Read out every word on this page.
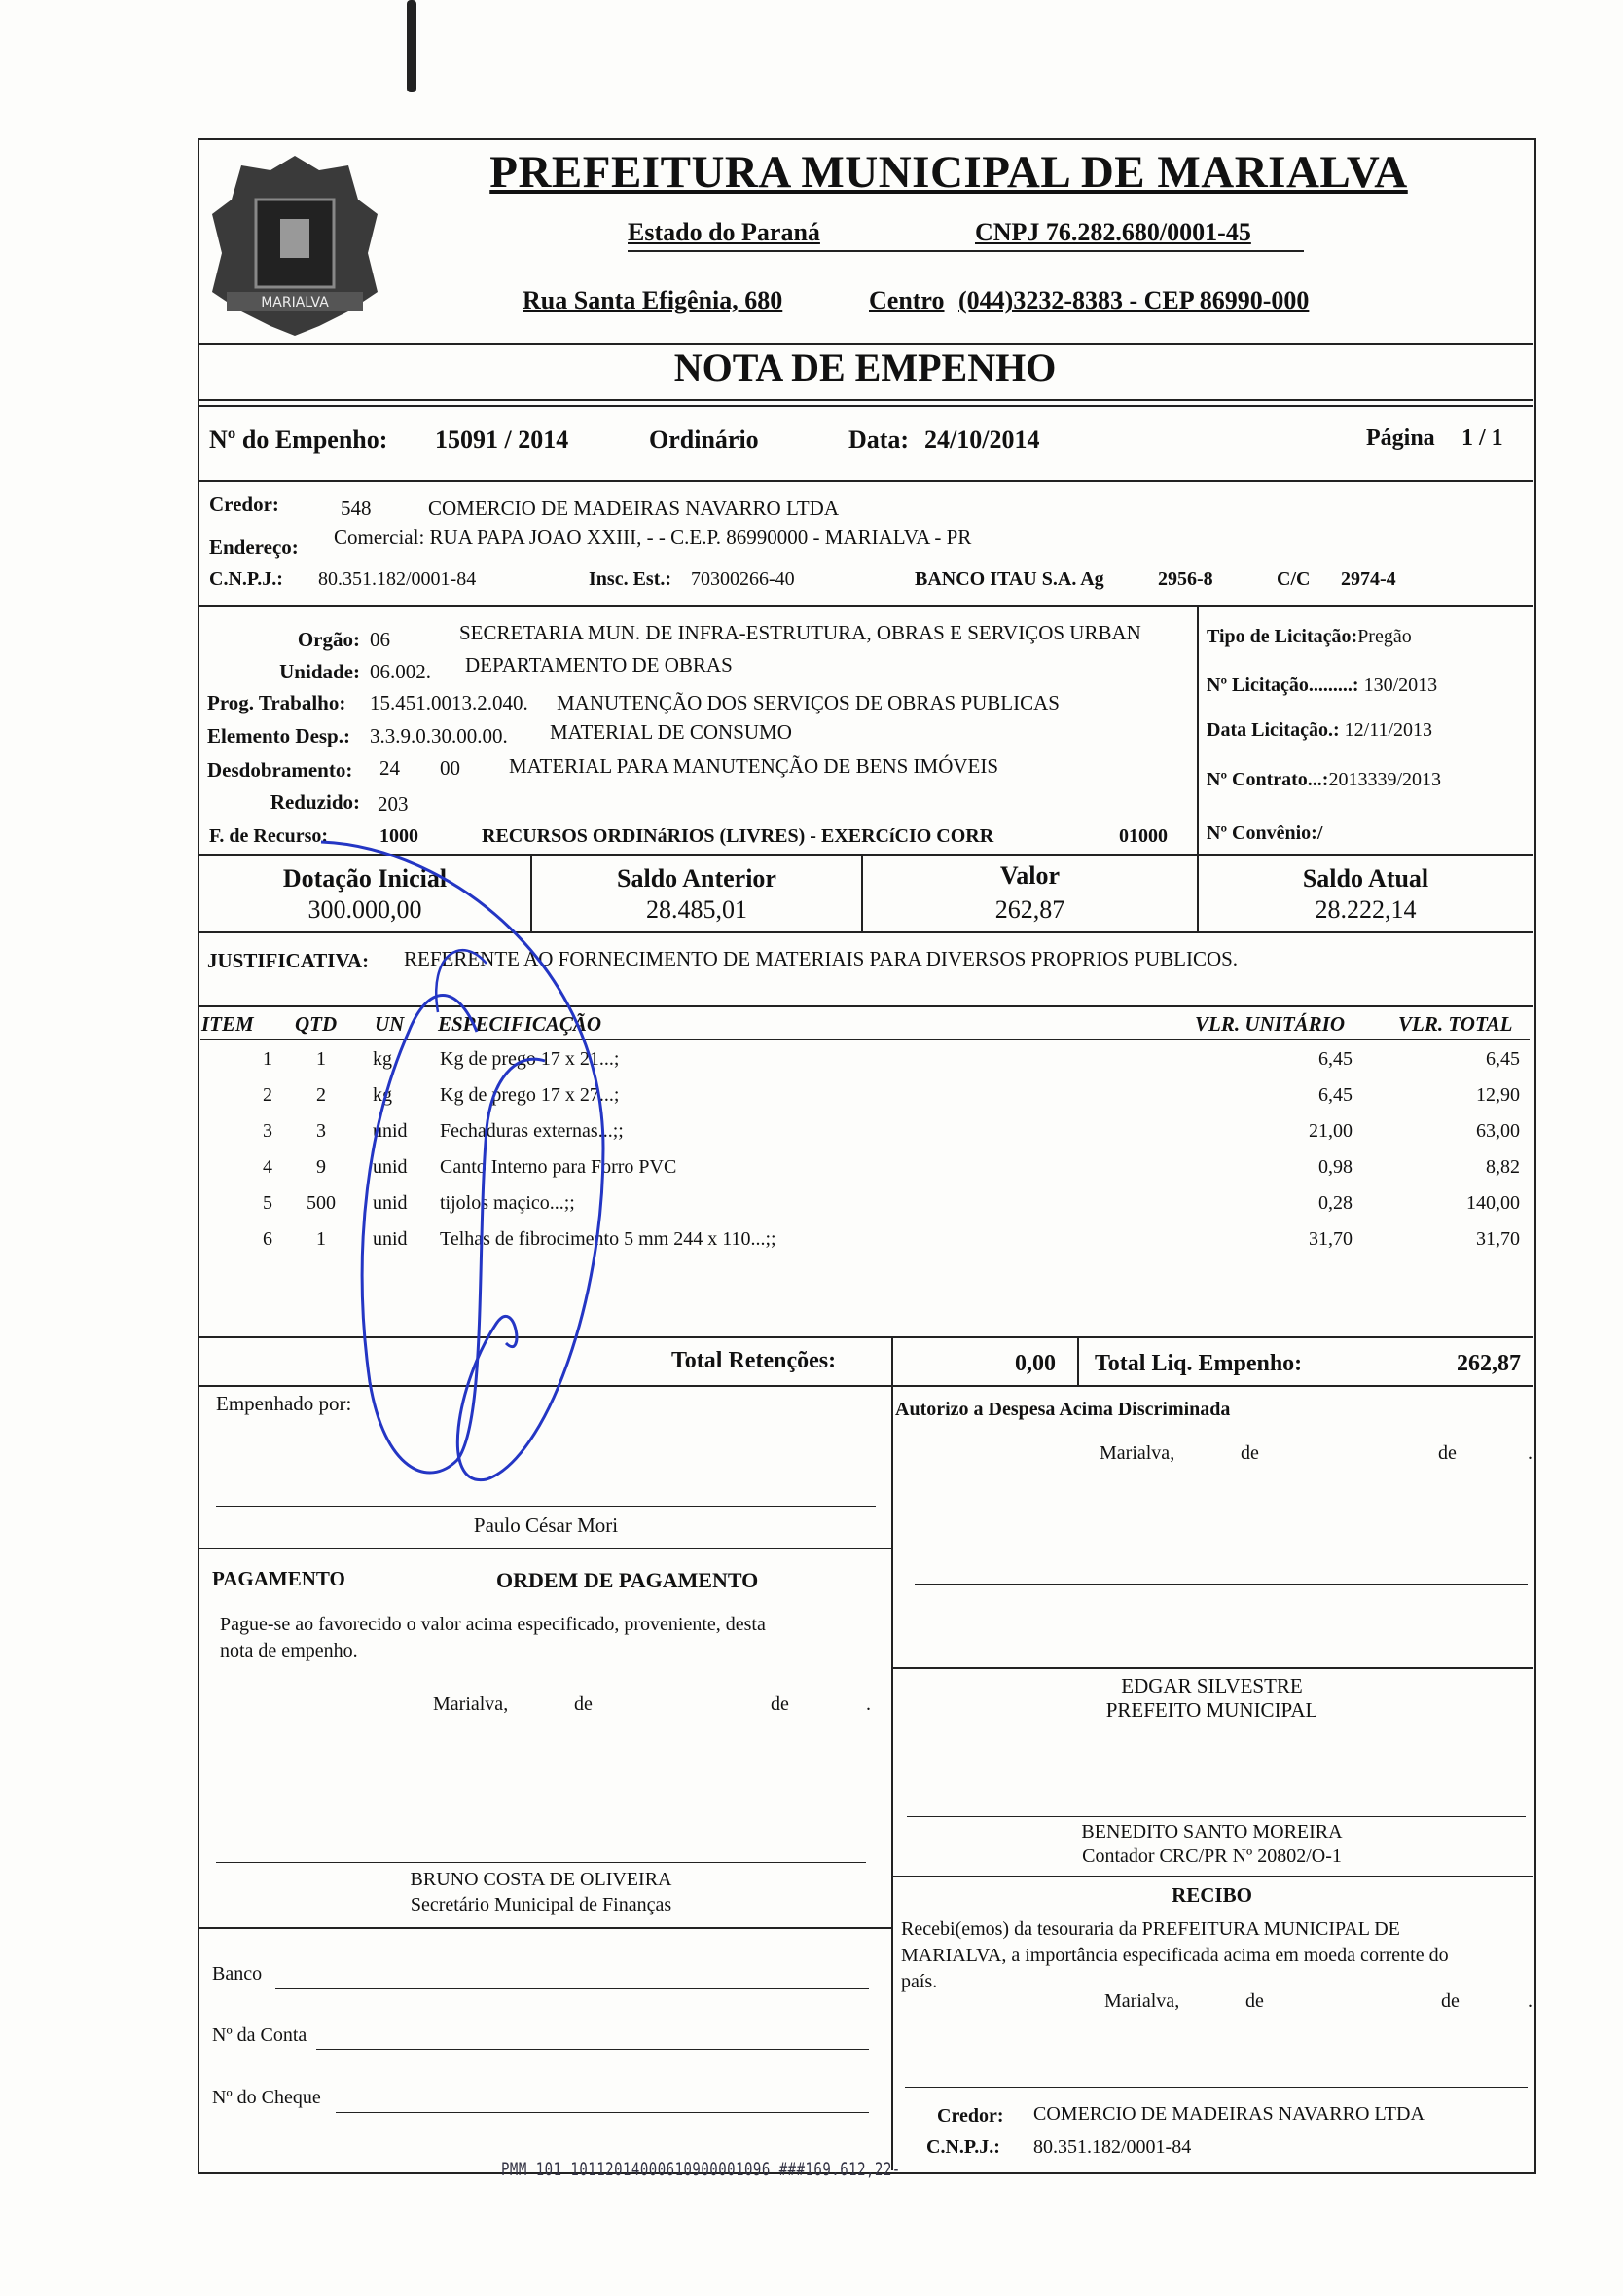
MARIALVA
PREFEITURA MUNICIPAL DE MARIALVA
Estado do Paraná	CNPJ 76.282.680/0001-45
Rua Santa Efigênia, 680	Centro (044)3232-8383 - CEP 86990-000
NOTA DE EMPENHO
Nº do Empenho: 15091 / 2014	Ordinário	Data: 24/10/2014	Página 1 / 1
Credor:	548	COMERCIO DE MADEIRAS NAVARRO LTDA
Endereço: Comercial: RUA PAPA JOAO XXIII, - - C.E.P. 86990000 - MARIALVA - PR
C.N.P.J.: 80.351.182/0001-84	Insc. Est.: 70300266-40	BANCO ITAU S.A. Ag	2956-8	C/C 2974-4
Orgão: 06	SECRETARIA MUN. DE INFRA-ESTRUTURA, OBRAS E SERVIÇOS URBAN
Unidade: 06.002. DEPARTAMENTO DE OBRAS
Prog. Trabalho: 15.451.0013.2.040. MANUTENÇÃO DOS SERVIÇOS DE OBRAS PUBLICAS
Elemento Desp.: 3.3.9.0.30.00.00. MATERIAL DE CONSUMO
Desdobramento: 24 00 MATERIAL PARA MANUTENÇÃO DE BENS IMÓVEIS
Reduzido: 203
F. de Recurso:	1000	RECURSOS ORDINáRIOS (LIVRES) - EXERCíCIO CORR	01000
Tipo de Licitação:Pregão
Nº Licitação.........: 130/2013
Data Licitação.: 12/11/2013
Nº Contrato...:2013339/2013
Nº Convênio:/
Dotação Inicial
300.000,00
Saldo Anterior
28.485,01
Valor
262,87
Saldo Atual
28.222,14
JUSTIFICATIVA: REFERENTE AO FORNECIMENTO DE MATERIAIS PARA DIVERSOS PROPRIOS PUBLICOS.
ITEM QTD UN ESPECIFICAÇÃO	VLR. UNITÁRIO	VLR. TOTAL
1	1	kg	Kg de prego 17 x 21...;	6,45	6,45
2	2	kg	Kg de prego 17 x 27...;	6,45	12,90
3	3	unid	Fechaduras externas...;;	21,00	63,00
4	9	unid	Canto Interno para Forro PVC	0,98	8,82
5	500	unid	tijolos maçico...;;	0,28	140,00
6	1	unid	Telhas de fibrocimento 5 mm 244 x 110...;;	31,70	31,70
Total Retenções:	0,00 Total Liq. Empenho:	262,87
Empenhado por:
Paulo César Mori
PAGAMENTO	ORDEM DE PAGAMENTO
Pague-se ao favorecido o valor acima especificado, proveniente, desta
nota de empenho.
Marialva,	de	de	.
BRUNO COSTA DE OLIVEIRA
Secretário Municipal de Finanças
Banco
Nº da Conta
Nº do Cheque
Autorizo a Despesa Acima Discriminada
Marialva,	de	de	.
EDGAR SILVESTRE
PREFEITO MUNICIPAL
BENEDITO SANTO MOREIRA
Contador CRC/PR Nº 20802/O-1
RECIBO
Recebi(emos) da tesouraria da PREFEITURA MUNICIPAL DE
MARIALVA, a importância especificada acima em moeda corrente do
país.
Marialva,	de	de	.
Credor: COMERCIO DE MADEIRAS NAVARRO LTDA
C.N.P.J.: 80.351.182/0001-84
PMM 101 10112014000610900001096 ###169.612,22-
